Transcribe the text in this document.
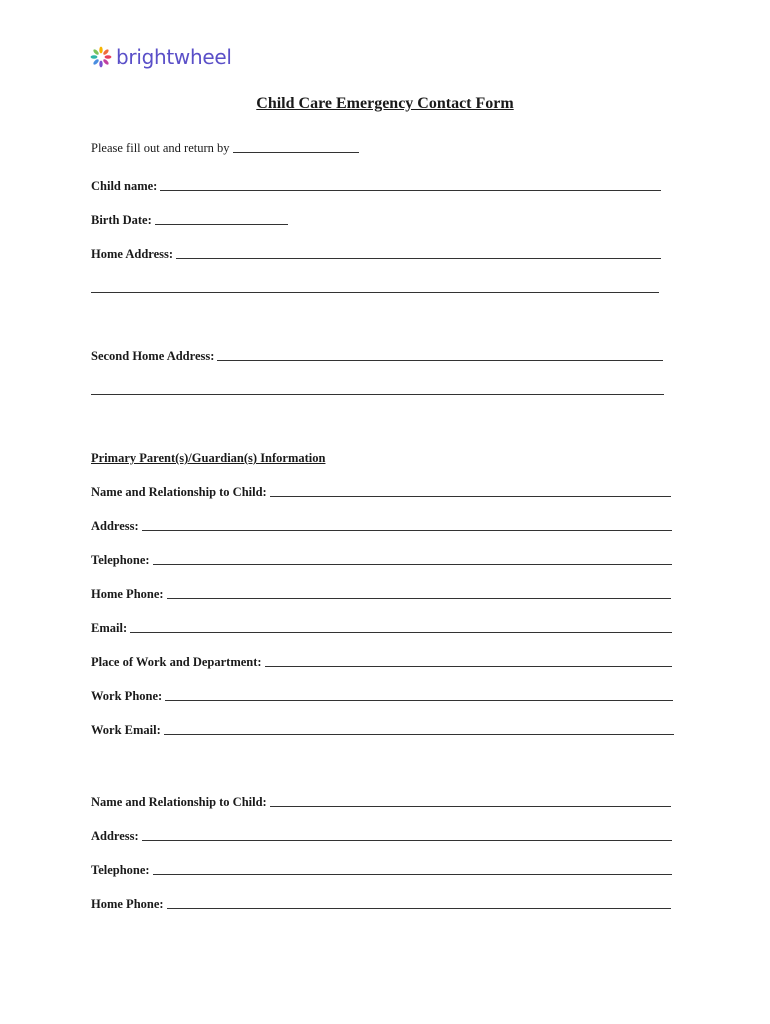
brightwheel
Child Care Emergency Contact Form
Please fill out and return by
Child name:
Birth Date:
Home Address:
Second Home Address:
Primary Parent(s)/Guardian(s) Information
Name and Relationship to Child:
Address:
Telephone:
Home Phone:
Email:
Place of Work and Department:
Work Phone:
Work Email:
Name and Relationship to Child:
Address:
Telephone:
Home Phone:
